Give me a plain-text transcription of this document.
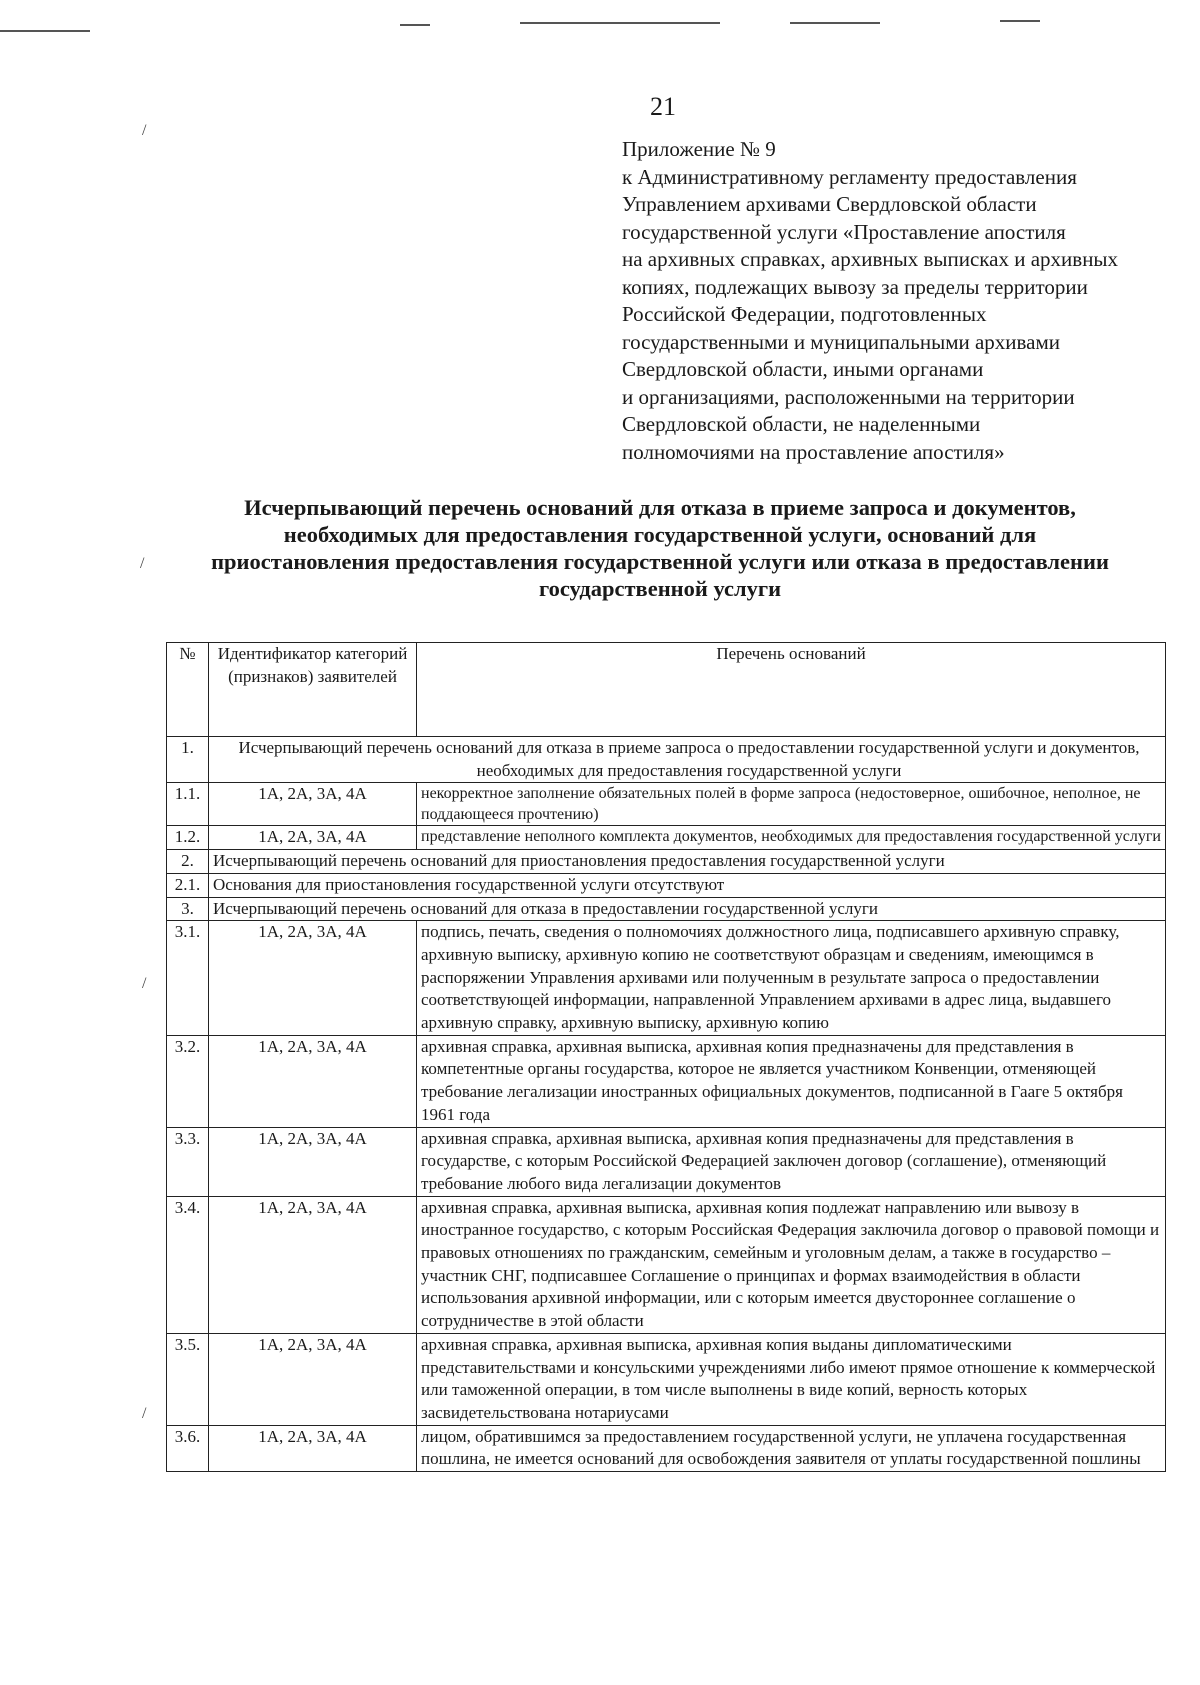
/
/
/
/
21
Приложение № 9
к Административному регламенту предоставления
Управлением архивами Свердловской области
государственной услуги «Проставление апостиля
на архивных справках, архивных выписках и архивных
копиях, подлежащих вывозу за пределы территории
Российской Федерации, подготовленных
государственными и муниципальными архивами
Свердловской области, иными органами
и организациями, расположенными на территории
Свердловской области, не наделенными
полномочиями на проставление апостиля»
Исчерпывающий перечень оснований для отказа в приеме запроса и документов,
необходимых для предоставления государственной услуги, оснований для
приостановления предоставления государственной услуги или отказа в предоставлении
государственной услуги
№	Идентификатор категорий (признаков) заявителей	Перечень оснований
1.	Исчерпывающий перечень оснований для отказа в приеме запроса о предоставлении государственной услуги и документов, необходимых для предоставления государственной услуги	
1.1.	1А, 2А, 3А, 4А	некорректное заполнение обязательных полей в форме запроса (недостоверное, ошибочное, неполное, не поддающееся прочтению)
1.2.	1А, 2А, 3А, 4А	представление неполного комплекта документов, необходимых для предоставления государственной услуги
2.	Исчерпывающий перечень оснований для приостановления предоставления государственной услуги	
2.1.	Основания для приостановления государственной услуги отсутствуют	
3.	Исчерпывающий перечень оснований для отказа в предоставлении государственной услуги	
3.1.	1А, 2А, 3А, 4А	подпись, печать, сведения о полномочиях должностного лица, подписавшего архивную справку, архивную выписку, архивную копию не соответствуют образцам и сведениям, имеющимся в распоряжении Управления архивами или полученным в результате запроса о предоставлении соответствующей информации, направленной Управлением архивами в адрес лица, выдавшего архивную справку, архивную выписку, архивную копию
3.2.	1А, 2А, 3А, 4А	архивная справка, архивная выписка, архивная копия предназначены для представления в компетентные органы государства, которое не является участником Конвенции, отменяющей требование легализации иностранных официальных документов, подписанной в Гааге 5 октября 1961 года
3.3.	1А, 2А, 3А, 4А	архивная справка, архивная выписка, архивная копия предназначены для представления в государстве, с которым Российской Федерацией заключен договор (соглашение), отменяющий требование любого вида легализации документов
3.4.	1А, 2А, 3А, 4А	архивная справка, архивная выписка, архивная копия подлежат направлению или вывозу в иностранное государство, с которым Российская Федерация заключила договор о правовой помощи и правовых отношениях по гражданским, семейным и уголовным делам, а также в государство – участник СНГ, подписавшее Соглашение о принципах и формах взаимодействия в области использования архивной информации, или с которым имеется двустороннее соглашение о сотрудничестве в этой области
3.5.	1А, 2А, 3А, 4А	архивная справка, архивная выписка, архивная копия выданы дипломатическими представительствами и консульскими учреждениями либо имеют прямое отношение к коммерческой или таможенной операции, в том числе выполнены в виде копий, верность которых засвидетельствована нотариусами
3.6.	1А, 2А, 3А, 4А	лицом, обратившимся за предоставлением государственной услуги, не уплачена государственная пошлина, не имеется оснований для освобождения заявителя от уплаты государственной пошлины
